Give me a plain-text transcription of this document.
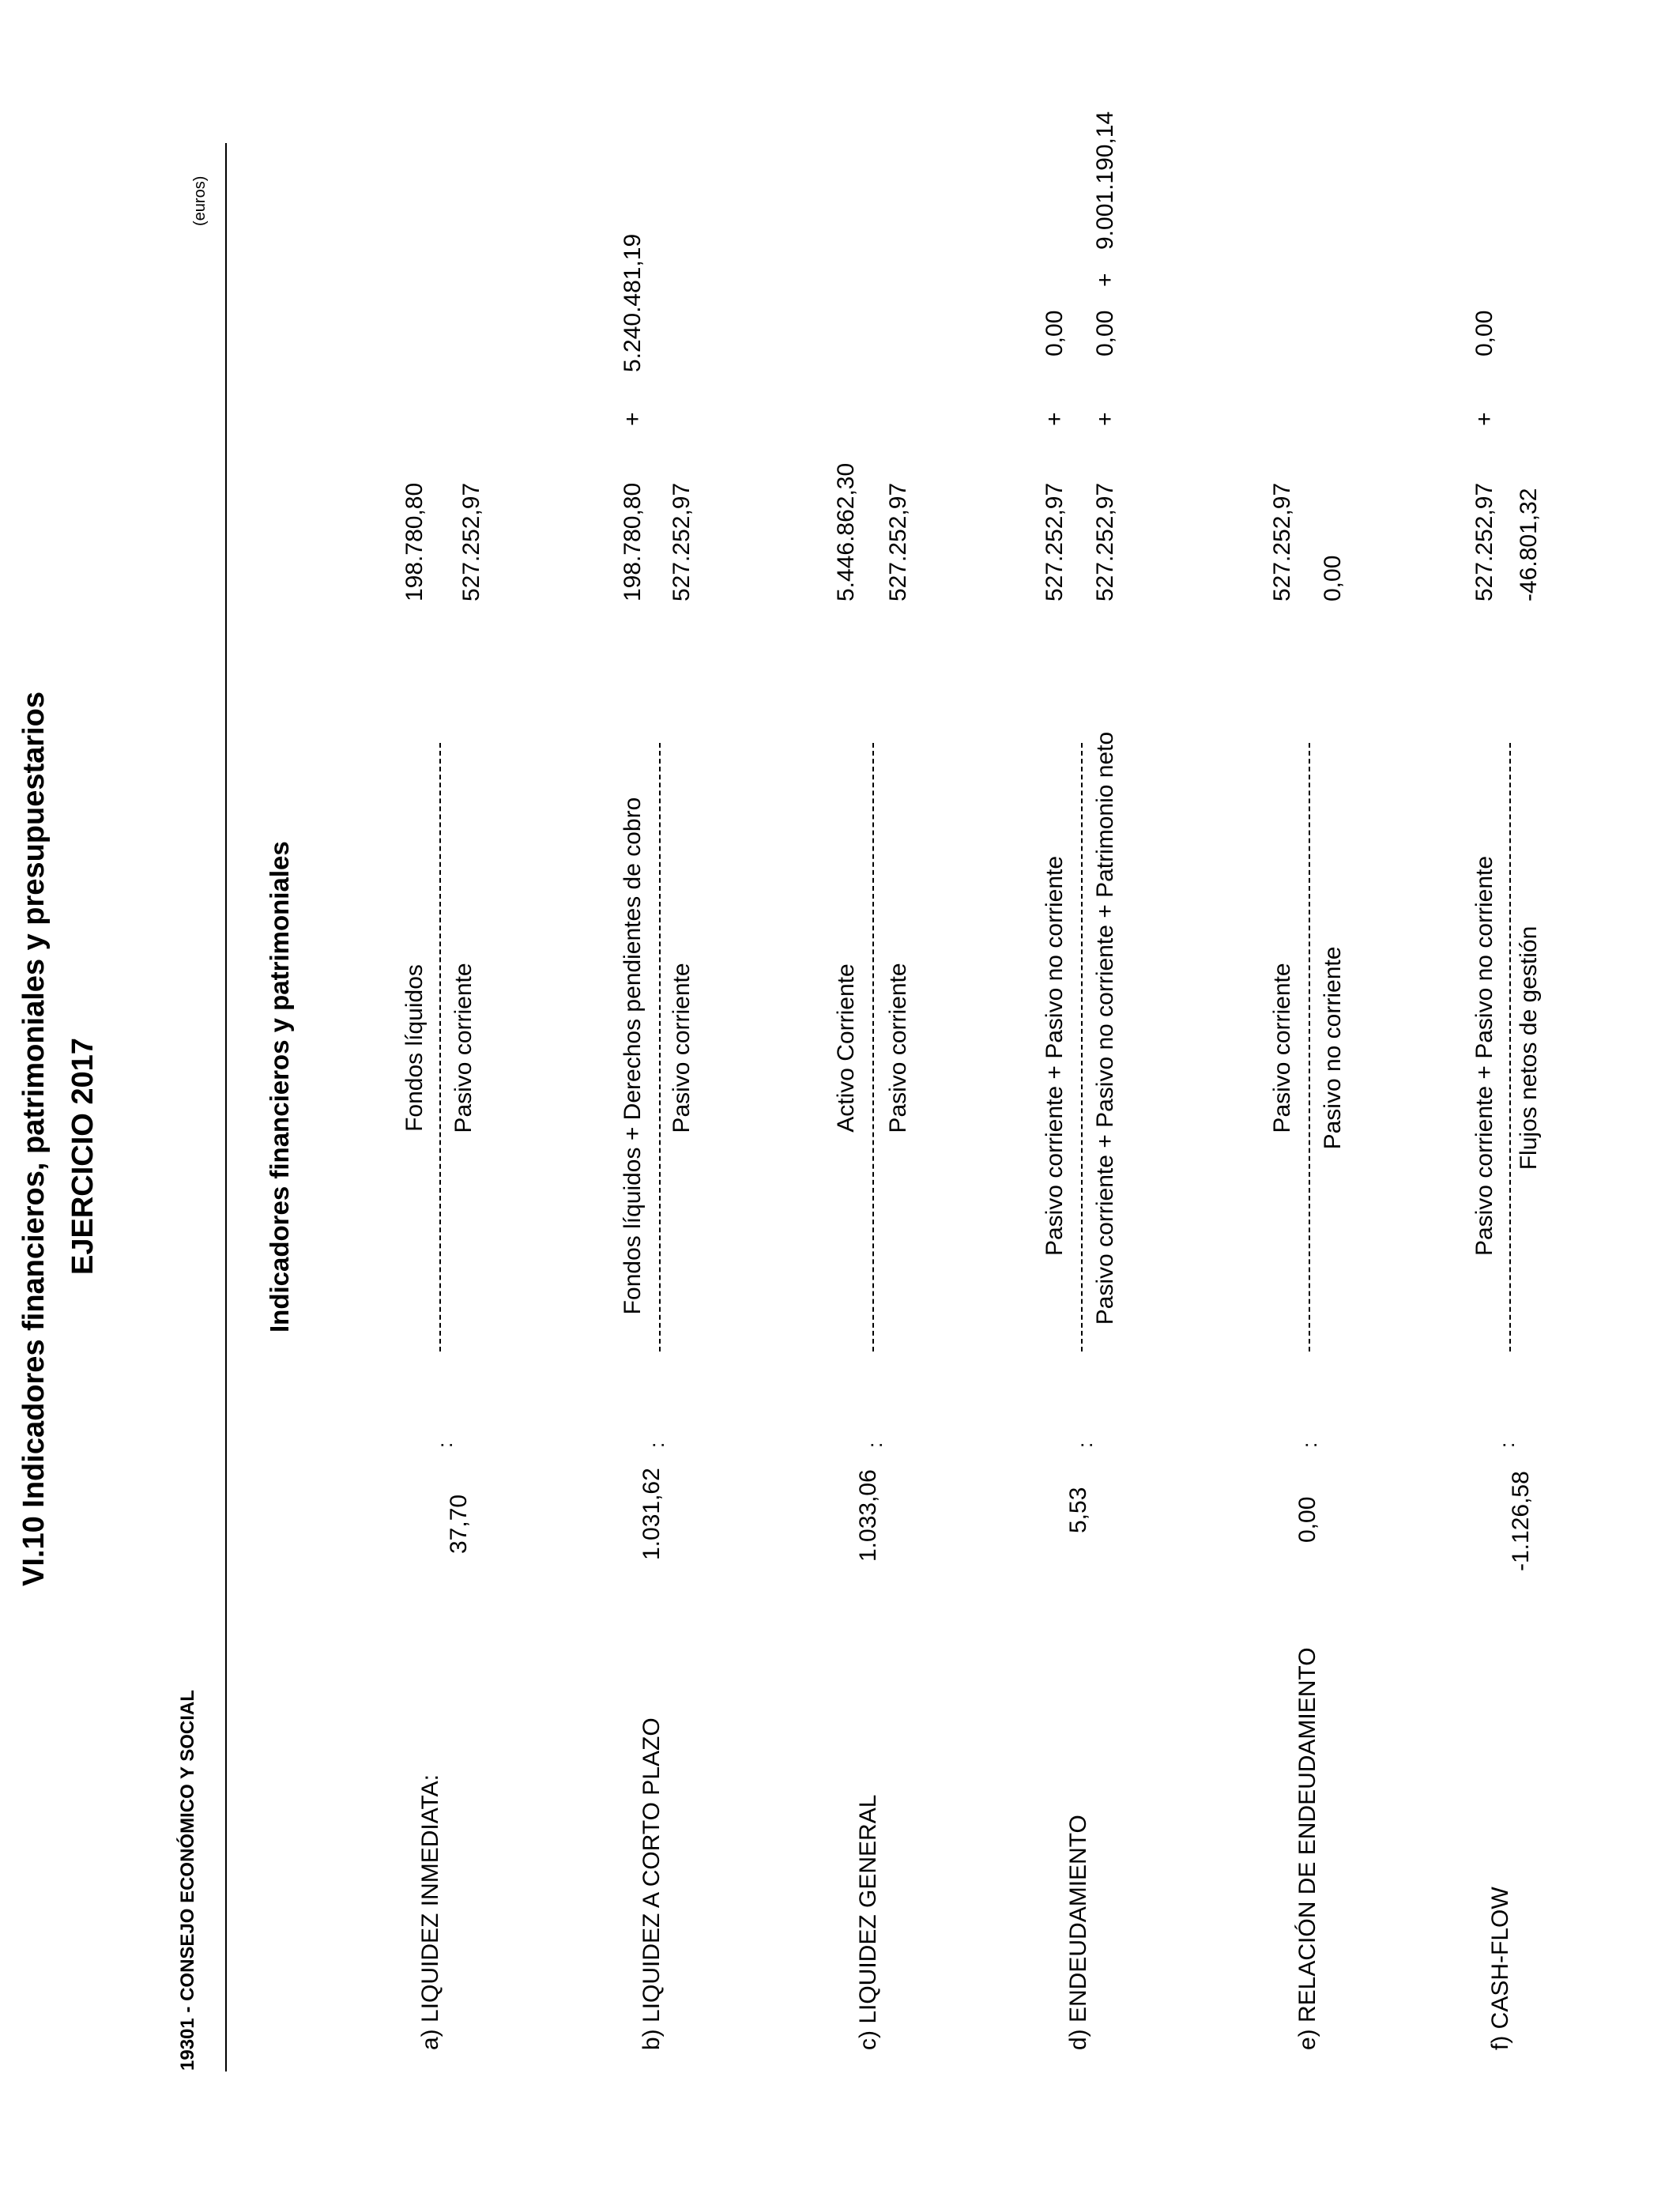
VI.10 Indicadores financieros, patrimoniales y presupuestarios EJERCICIO 2017
19301 - CONSEJO ECONÓMICO Y SOCIAL
(euros)
Indicadores financieros y patrimoniales
a) LIQUIDEZ INMEDIATA:
37,70
:
Fondos líquidos Pasivo corriente
198.780,80 527.252,97
b) LIQUIDEZ A CORTO PLAZO
1.031,62
:
Fondos líquidos + Derechos pendientes de cobro Pasivo corriente
198.780,80
+
5.240.481,19
527.252,97
c) LIQUIDEZ GENERAL
1.033,06
:
Activo Corriente Pasivo corriente
5.446.862,30 527.252,97
d) ENDEUDAMIENTO
5,53
:
Pasivo corriente + Pasivo no corriente Pasivo corriente + Pasivo no corriente + Patrimonio neto
527.252,97
+
0,00
527.252,97
+
0,00
+
9.001.190,14
e) RELACIÓN DE ENDEUDAMIENTO
0,00
:
Pasivo corriente Pasivo no corriente
527.252,97 0,00
f) CASH-FLOW
-1.126,58
:
Pasivo corriente + Pasivo no corriente Flujos netos de gestión
527.252,97
+
0,00
-46.801,32
